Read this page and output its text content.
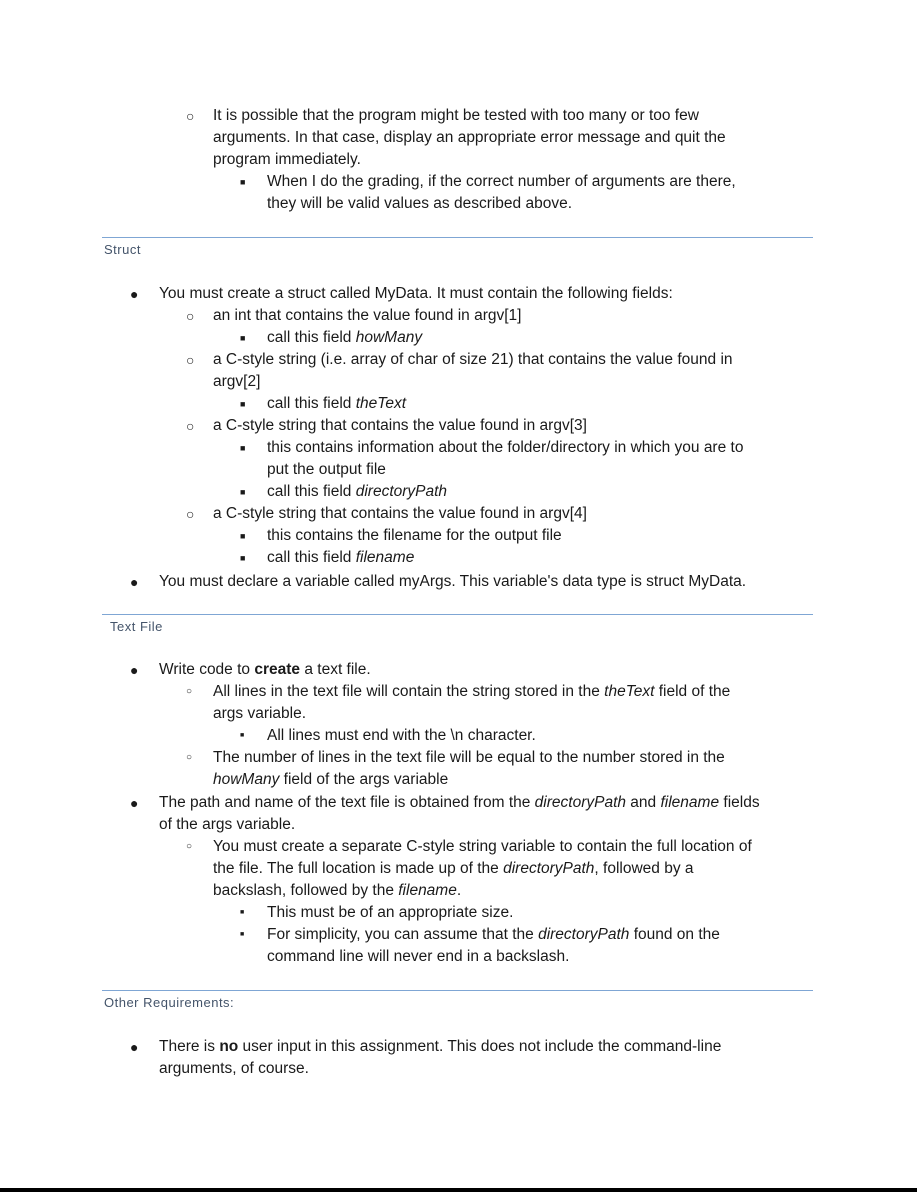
○ It is possible that the program might be tested with too many or too few
arguments. In that case, display an appropriate error message and quit the
program immediately.
■ When I do the grading, if the correct number of arguments are there,
they will be valid values as described above.
Struct
● You must create a struct called MyData. It must contain the following fields:
○ an int that contains the value found in argv[1]
■ call this field howMany
○ a C-style string (i.e. array of char of size 21) that contains the value found in
argv[2]
■ call this field theText
○ a C-style string that contains the value found in argv[3]
■ this contains information about the folder/directory in which you are to
put the output file
■ call this field directoryPath
○ a C-style string that contains the value found in argv[4]
■ this contains the filename for the output file
■ call this field filename
● You must declare a variable called myArgs. This variable's data type is struct MyData.
Text File
● Write code to create a text file.
○ All lines in the text file will contain the string stored in the theText field of the
args variable.
■ All lines must end with the \n character.
○ The number of lines in the text file will be equal to the number stored in the
howMany field of the args variable
● The path and name of the text file is obtained from the directoryPath and filename fields
of the args variable.
○ You must create a separate C-style string variable to contain the full location of
the file. The full location is made up of the directoryPath, followed by a
backslash, followed by the filename.
■ This must be of an appropriate size.
■ For simplicity, you can assume that the directoryPath found on the
command line will never end in a backslash.
Other Requirements:
● There is no user input in this assignment. This does not include the command-line
arguments, of course.
